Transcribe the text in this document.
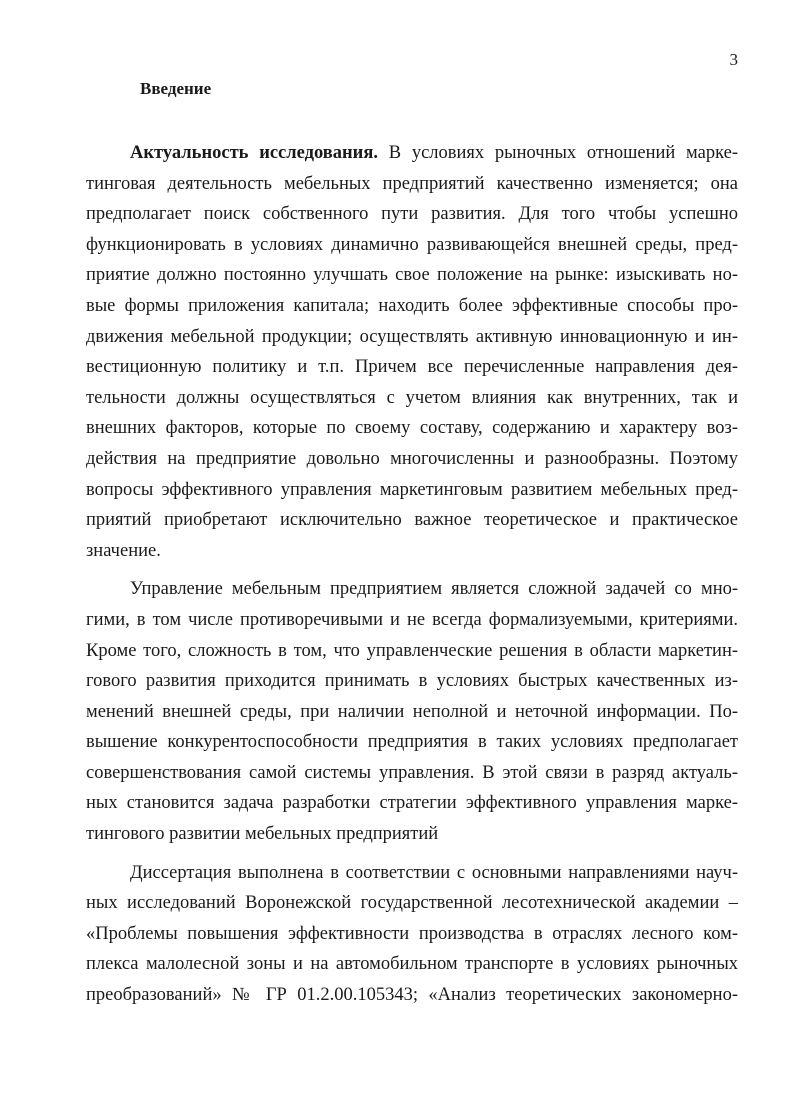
3
Введение
Актуальность исследования. В условиях рыночных отношений марке-
тинговая деятельность мебельных предприятий качественно изменяется; она
предполагает поиск собственного пути развития. Для того чтобы успешно
функционировать в условиях динамично развивающейся внешней среды, пред-
приятие должно постоянно улучшать свое положение на рынке: изыскивать но-
вые формы приложения капитала; находить более эффективные способы про-
движения мебельной продукции; осуществлять активную инновационную и ин-
вестиционную политику и т.п. Причем все перечисленные направления дея-
тельности должны осуществляться с учетом влияния как внутренних, так и
внешних факторов, которые по своему составу, содержанию и характеру воз-
действия на предприятие довольно многочисленны и разнообразны. Поэтому
вопросы эффективного управления маркетинговым развитием мебельных пред-
приятий приобретают исключительно важное теоретическое и практическое
значение.
Управление мебельным предприятием является сложной задачей со мно-
гими, в том числе противоречивыми и не всегда формализуемыми, критериями.
Кроме того, сложность в том, что управленческие решения в области маркетин-
гового развития приходится принимать в условиях быстрых качественных из-
менений внешней среды, при наличии неполной и неточной информации. По-
вышение конкурентоспособности предприятия в таких условиях предполагает
совершенствования самой системы управления. В этой связи в разряд актуаль-
ных становится задача разработки стратегии эффективного управления марке-
тингового развитии мебельных предприятий
Диссертация выполнена в соответствии с основными направлениями науч-
ных исследований Воронежской государственной лесотехнической академии –
«Проблемы повышения эффективности производства в отраслях лесного ком-
плекса малолесной зоны и на автомобильном транспорте в условиях рыночных
преобразований» № ГР 01.2.00.105343; «Анализ теоретических закономерно-
